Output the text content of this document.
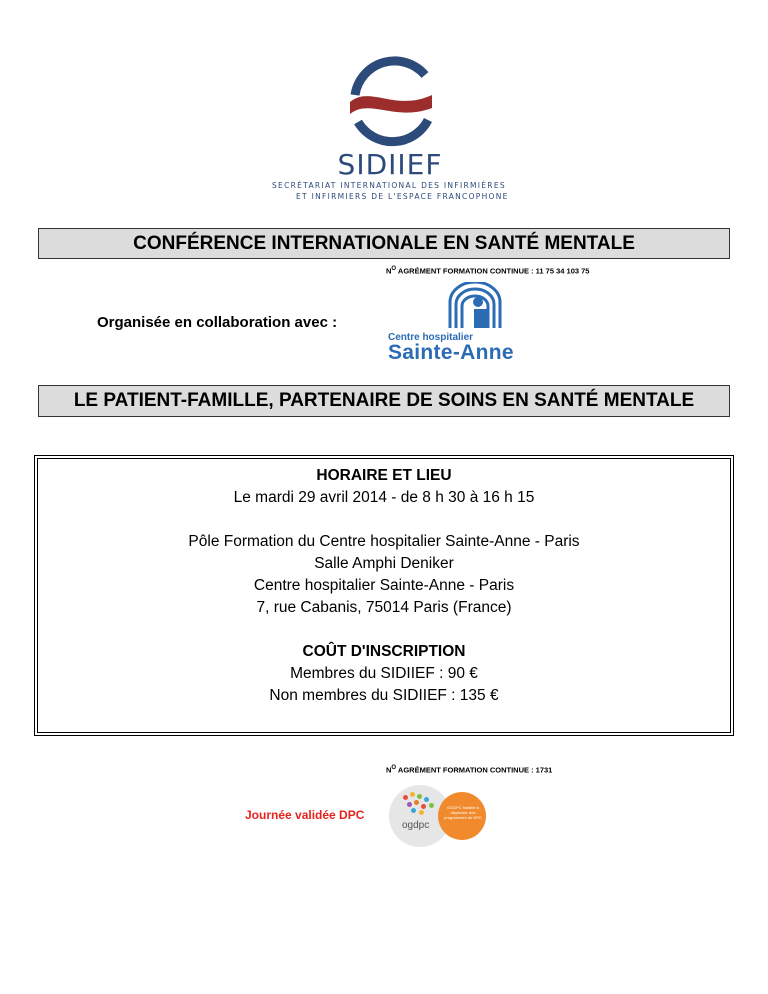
SIDIIEF
SECRÉTARIAT INTERNATIONAL DES INFIRMIÈRES
ET INFIRMIERS DE L'ESPACE FRANCOPHONE
CONFÉRENCE INTERNATIONALE EN SANTÉ MENTALE
$N^O$ AGRÉMENT FORMATION CONTINUE : 11 75 34 103 75
Organisée en collaboration avec :
Centre hospitalier
Sainte-Anne
LE PATIENT-FAMILLE, PARTENAIRE DE SOINS EN SANTÉ MENTALE
HORAIRE ET LIEU
Le mardi 29 avril 2014 - de 8 h 30 à 16 h 15
Pôle Formation du Centre hospitalier Sainte-Anne - Paris
Salle Amphi Deniker
Centre hospitalier Sainte-Anne - Paris
7, rue Cabanis, 75014 Paris (France)
COÛT D'INSCRIPTION
Membres du SIDIIEF : 90 €
Non membres du SIDIIEF : 135 €
$N^O$ AGRÉMENT FORMATION CONTINUE : 1731
Journée validée DPC
ogdpc
OGDPC habilité à dispenser des programmes de DPC
